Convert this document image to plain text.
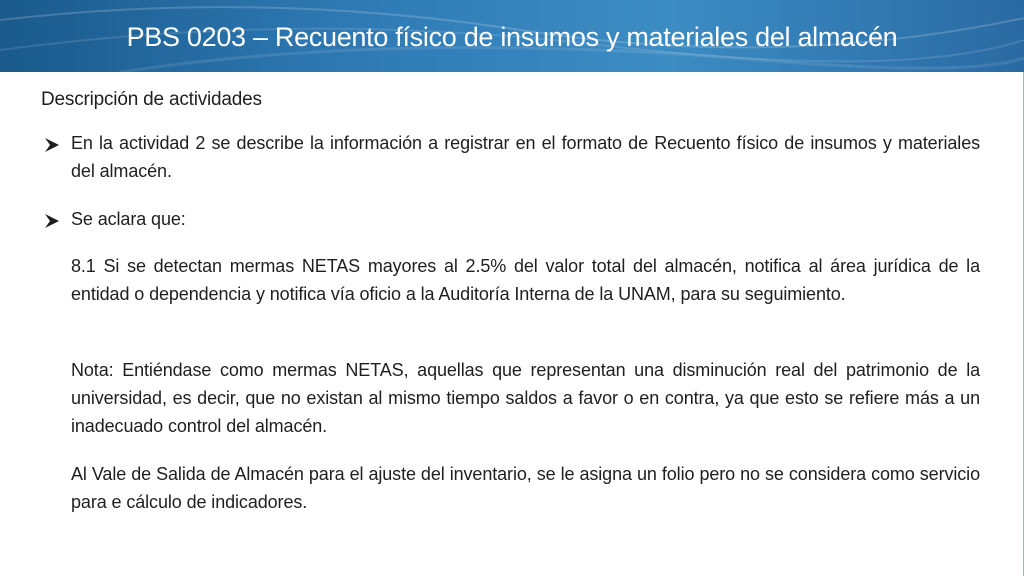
PBS 0203 – Recuento físico de insumos y materiales del almacén
Descripción de actividades
En la actividad 2 se describe la información a registrar en el formato de Recuento físico de insumos y materiales del almacén.
Se aclara que:
8.1 Si se detectan mermas NETAS mayores al 2.5% del valor total del almacén, notifica al área jurídica de la entidad o dependencia y notifica vía oficio a la Auditoría Interna de la UNAM, para su seguimiento.
Nota: Entiéndase como mermas NETAS, aquellas que representan una disminución real del patrimonio de la universidad, es decir, que no existan al mismo tiempo saldos a favor o en contra, ya que esto se refiere más a un inadecuado control del almacén.
Al Vale de Salida de Almacén para el ajuste del inventario, se le asigna un folio pero no se considera como servicio para e cálculo de indicadores.
